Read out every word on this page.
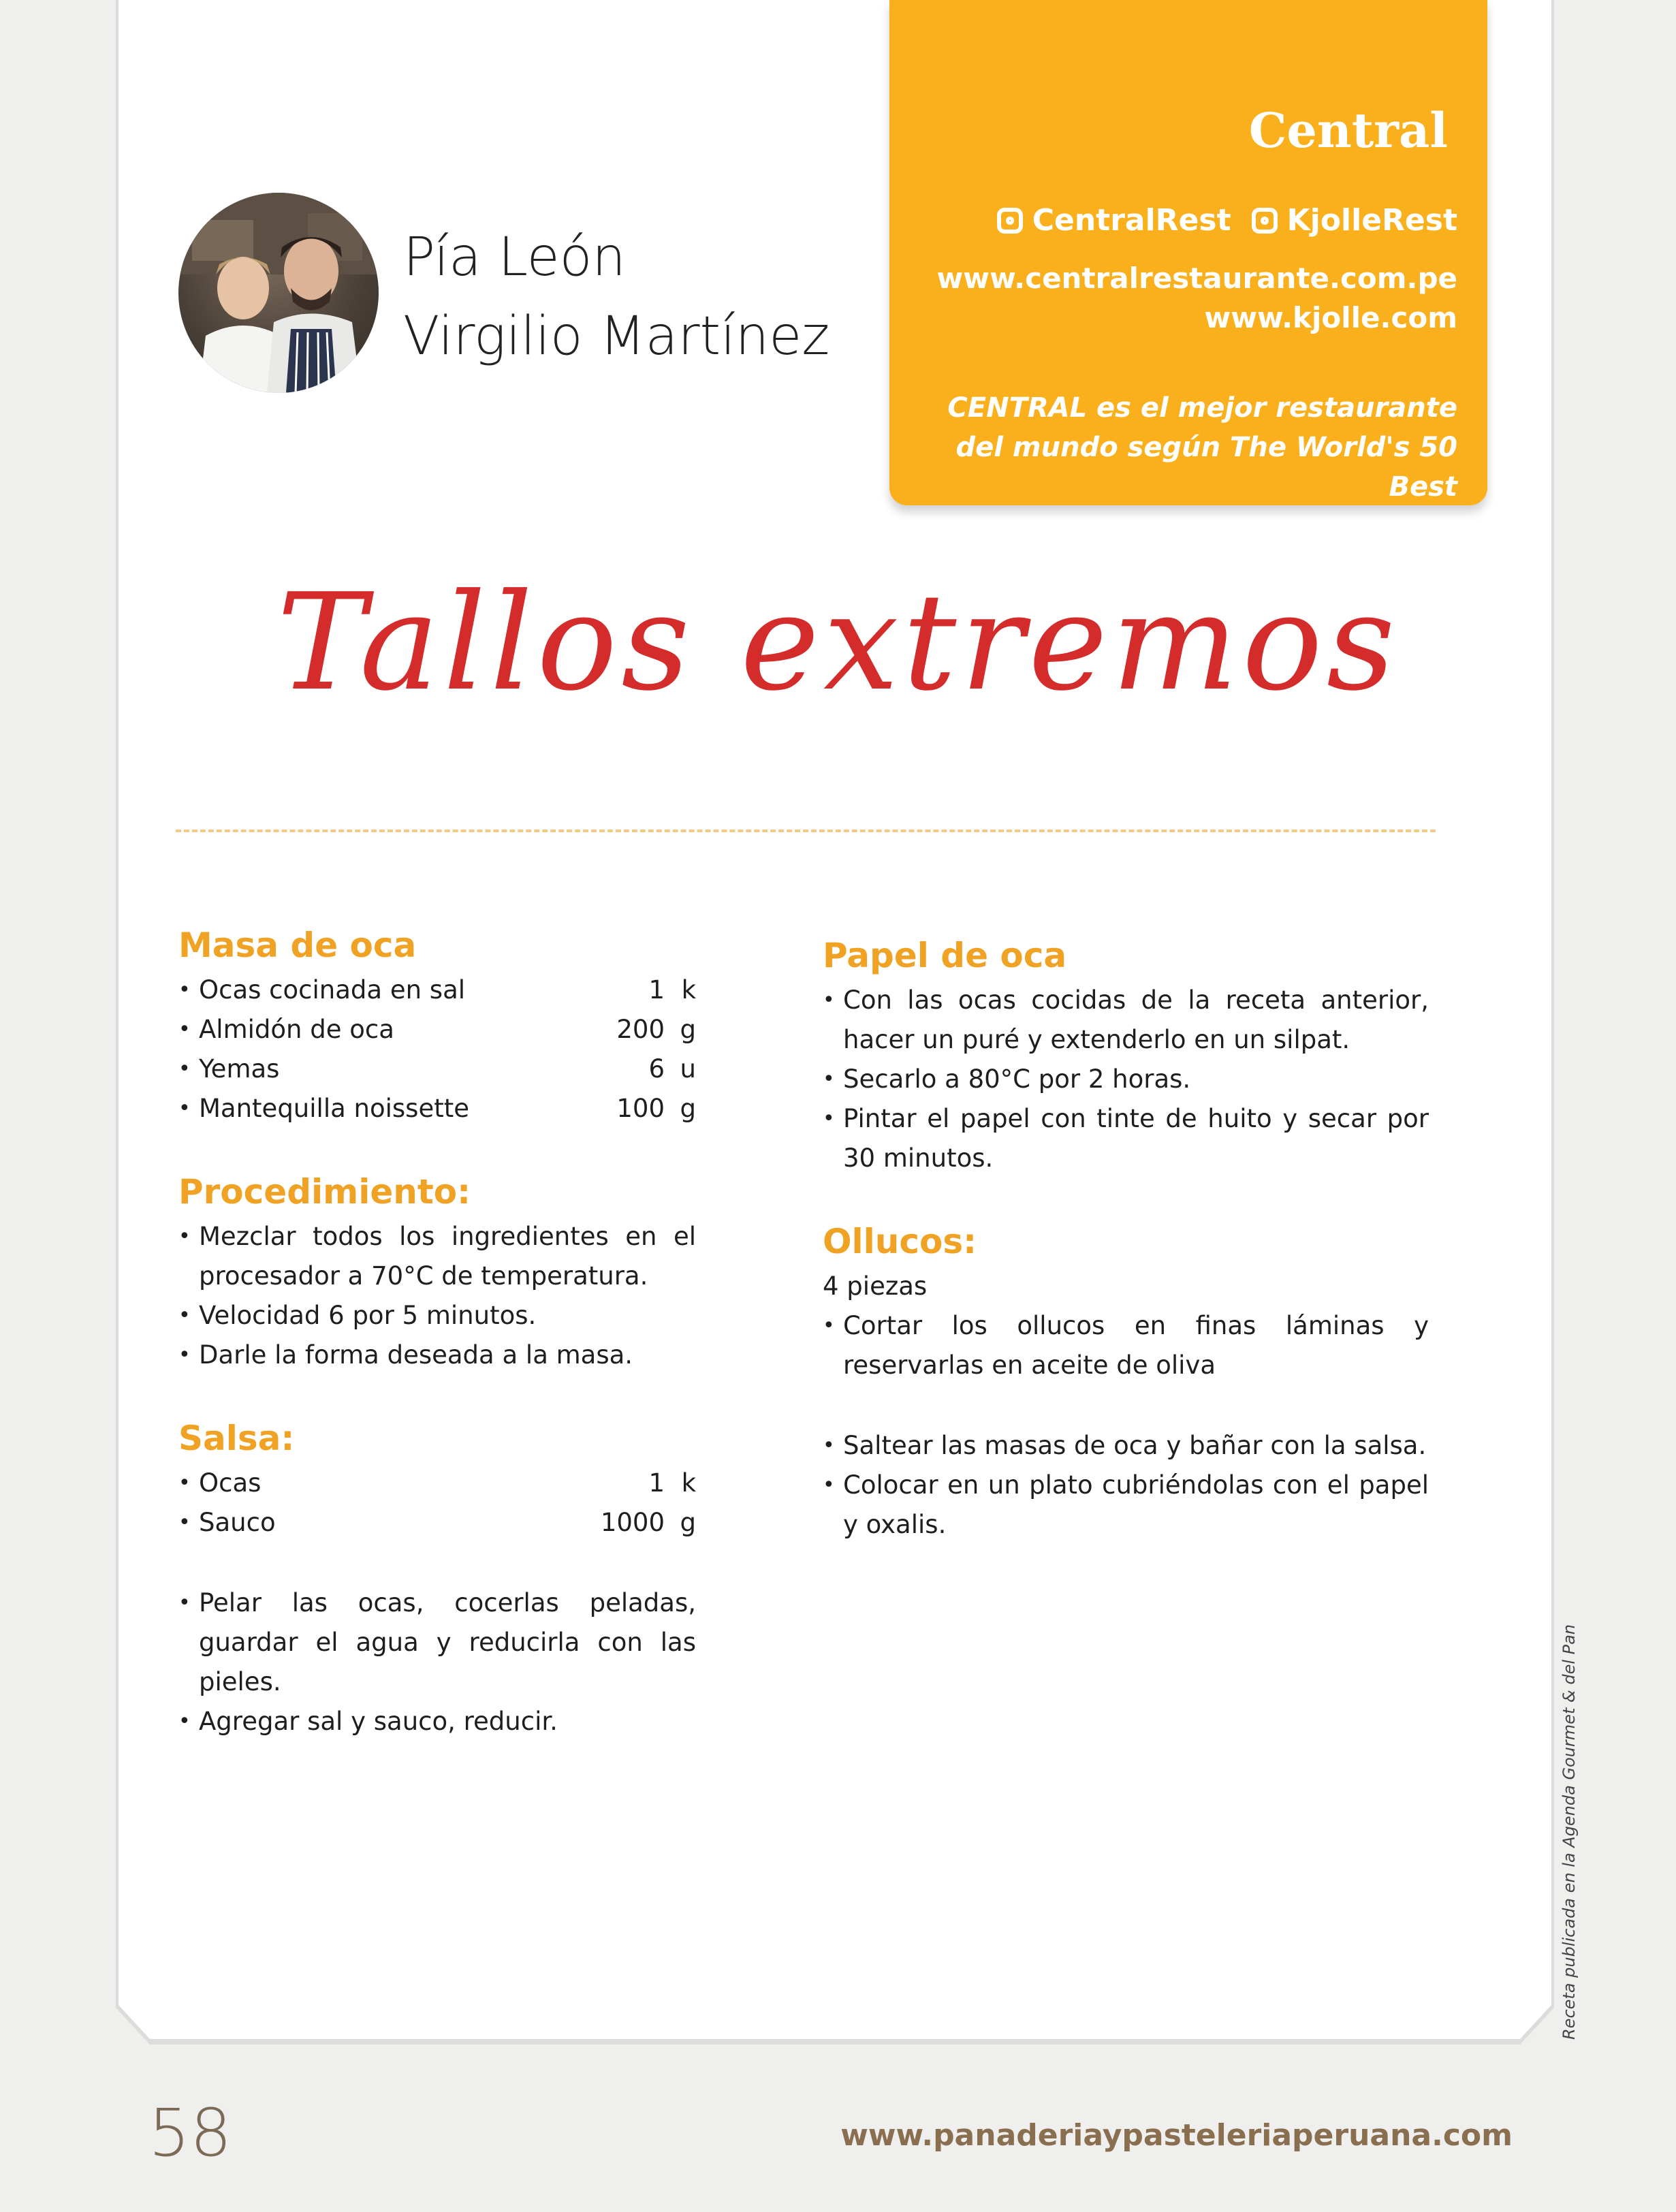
Pía León
Virgilio Martínez
Central
CentralRest KjolleRest
www.centralrestaurante.com.pe
www.kjolle.com
CENTRAL es el mejor restaurante
del mundo según The World's 50 Best
Tallos extremos
Masa de oca
• Ocas cocinada en sal	1 k
• Almidón de oca	200 g
• Yemas	6 u
• Mantequilla noissette	100 g
Procedimiento:
• Mezclar todos los ingredientes en el procesador a 70°C de temperatura.
• Velocidad 6 por 5 minutos.
• Darle la forma deseada a la masa.
Salsa:
• Ocas	1 k
• Sauco	1000 g
• Pelar las ocas, cocerlas peladas, guardar el agua y reducirla con las pieles.
• Agregar sal y sauco, reducir.
Papel de oca
• Con las ocas cocidas de la receta anterior, hacer un puré y extenderlo en un silpat.
• Secarlo a 80°C por 2 horas.
• Pintar el papel con tinte de huito y secar por 30 minutos.
Ollucos:
4 piezas
• Cortar los ollucos en finas láminas y reservarlas en aceite de oliva
• Saltear las masas de oca y bañar con la salsa.
• Colocar en un plato cubriéndolas con el papel y oxalis.
Receta publicada en la Agenda Gourmet & del Pan
58	www.panaderiaypasteleriaperuana.com
